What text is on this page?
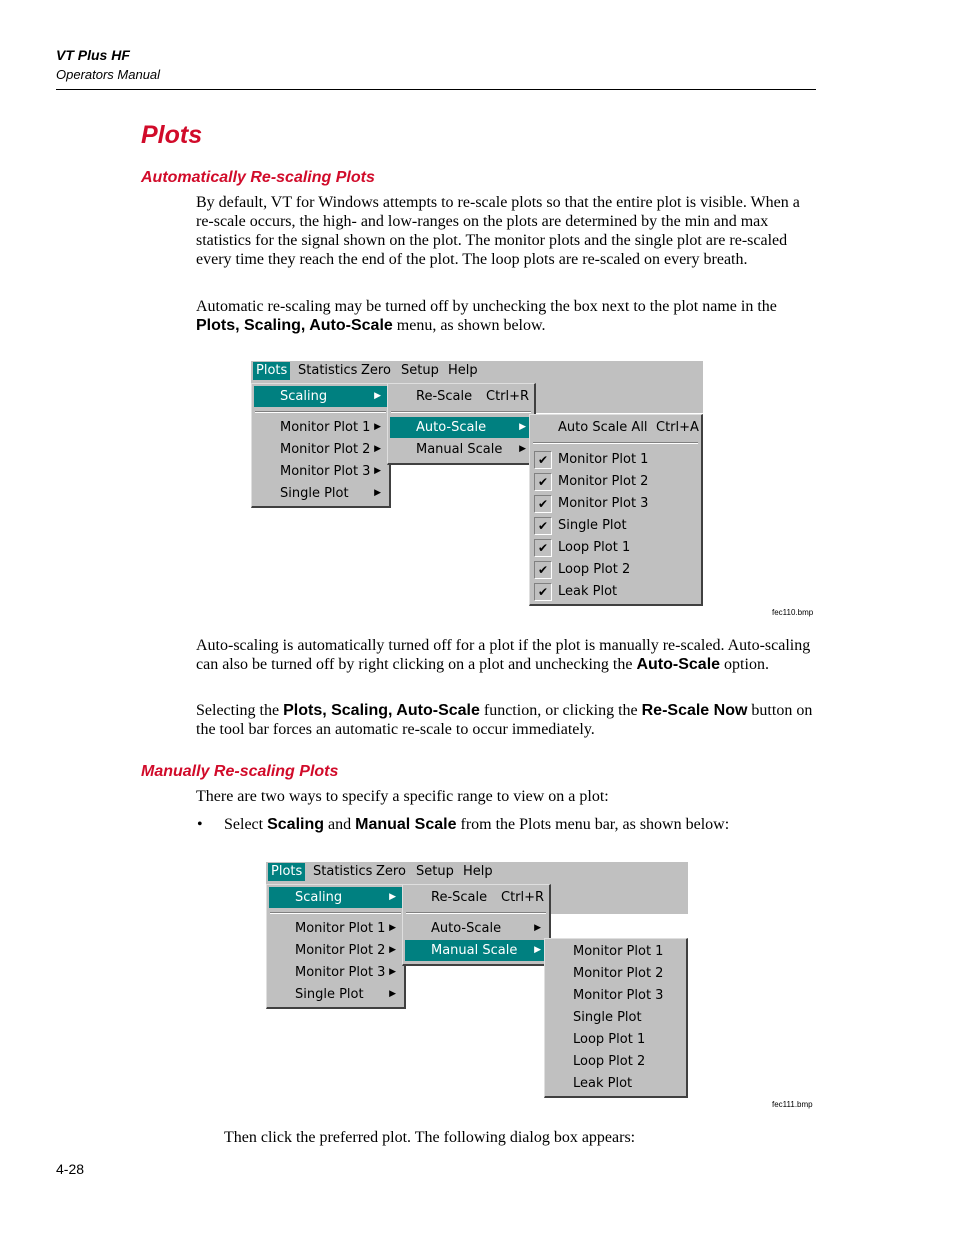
VT Plus HF
Operators Manual
Plots
Automatically Re-scaling Plots
By default, VT for Windows attempts to re-scale plots so that the entire plot is visible. When a re-scale occurs, the high- and low-ranges on the plots are determined by the min and max statistics for the signal shown on the plot. The monitor plots and the single plot are re-scaled every time they reach the end of the plot. The loop plots are re-scaled on every breath.
Automatic re-scaling may be turned off by unchecking the box next to the plot name in the Plots, Scaling, Auto-Scale menu, as shown below.
Plots Statistics Zero Setup Help
Scaling	▶
Monitor Plot 1 ▶
Monitor Plot 2 ▶
Monitor Plot 3 ▶
Single Plot	▶
Re-Scale Ctrl+R
Auto-Scale	▶
Manual Scale ▶
Auto Scale All Ctrl+A
✔ Monitor Plot 1
✔ Monitor Plot 2
✔ Monitor Plot 3
✔ Single Plot
✔ Loop Plot 1
✔ Loop Plot 2
✔ Leak Plot
fec110.bmp
Auto-scaling is automatically turned off for a plot if the plot is manually re-scaled. Auto-scaling can also be turned off by right clicking on a plot and unchecking the Auto-Scale option.
Selecting the Plots, Scaling, Auto-Scale function, or clicking the Re-Scale Now button on the tool bar forces an automatic re-scale to occur immediately.
Manually Re-scaling Plots
There are two ways to specify a specific range to view on a plot:
• Select Scaling and Manual Scale from the Plots menu bar, as shown below:
Plots Statistics Zero Setup Help
Scaling	▶
Monitor Plot 1 ▶
Monitor Plot 2 ▶
Monitor Plot 3 ▶
Single Plot	▶
Re-Scale Ctrl+R
Auto-Scale	▶
Manual Scale ▶ Monitor Plot 1
Monitor Plot 2
Monitor Plot 3
Single Plot
Loop Plot 1
Loop Plot 2
Leak Plot
fec111.bmp
Then click the preferred plot. The following dialog box appears:
4-28
